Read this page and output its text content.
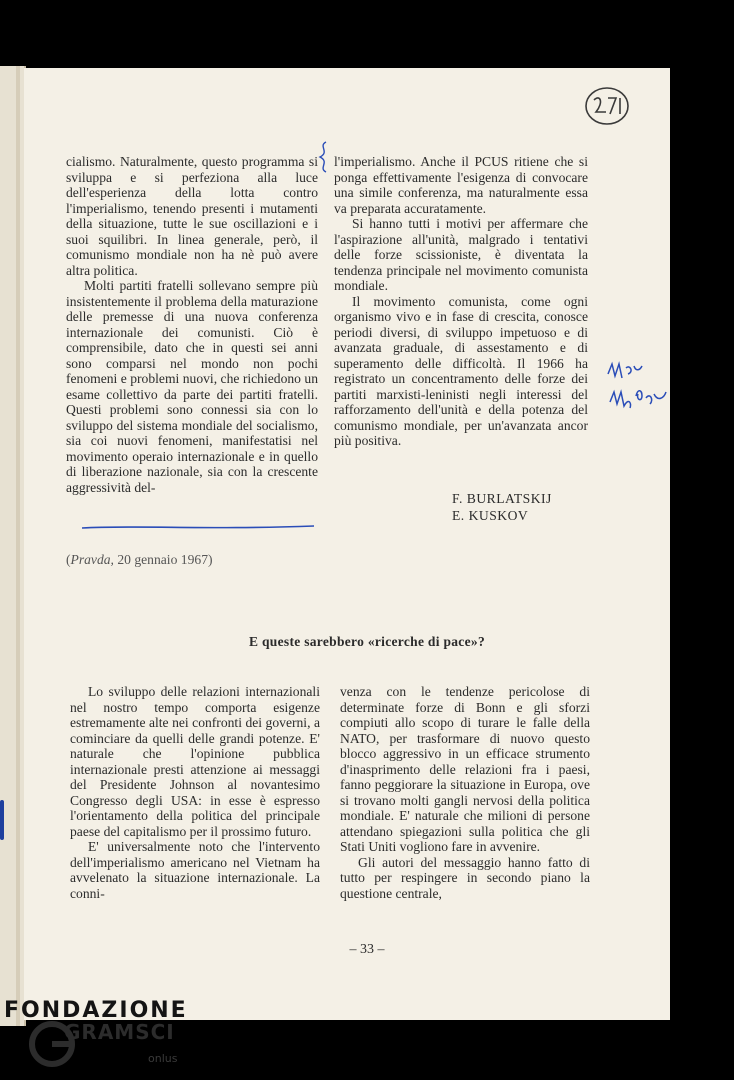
cialismo. Naturalmente, questo programma si sviluppa e si perfeziona alla luce dell'esperienza della lotta contro l'imperialismo, tenendo presenti i mutamenti della situazione, tutte le sue oscillazioni e i suoi squilibri. In linea generale, però, il comunismo mondiale non ha nè può avere altra politica.

Molti partiti fratelli sollevano sempre più insistentemente il problema della maturazione delle premesse di una nuova conferenza internazionale dei comunisti. Ciò è comprensibile, dato che in questi sei anni sono comparsi nel mondo non pochi fenomeni e problemi nuovi, che richiedono un esame collettivo da parte dei partiti fratelli. Questi problemi sono connessi sia con lo sviluppo del sistema mondiale del socialismo, sia coi nuovi fenomeni, manifestatisi nel movimento operaio internazionale e in quello di liberazione nazionale, sia con la crescente aggressività del-

l'imperialismo. Anche il PCUS ritiene che si ponga effettivamente l'esigenza di convocare una simile conferenza, ma naturalmente essa va preparata accuratamente.

Si hanno tutti i motivi per affermare che l'aspirazione all'unità, malgrado i tentativi delle forze scissioniste, è diventata la tendenza principale nel movimento comunista mondiale.

Il movimento comunista, come ogni organismo vivo e in fase di crescita, conosce periodi diversi, di sviluppo impetuoso e di avanzata graduale, di assestamento e di superamento delle difficoltà. Il 1966 ha registrato un concentramento delle forze dei partiti marxisti-leninisti negli interessi del rafforzamento dell'unità e della potenza del comunismo mondiale, per un'avanzata ancor più positiva.

F. BURLATSKIJ
E. KUSKOV
(Pravda, 20 gennaio 1967)
E queste sarebbero «ricerche di pace»?

Lo sviluppo delle relazioni internazionali nel nostro tempo comporta esigenze estremamente alte nei confronti dei governi, a cominciare da quelli delle grandi potenze. E' naturale che l'opinione pubblica internazionale presti attenzione ai messaggi del Presidente Johnson al novantesimo Congresso degli USA: in esse è espresso l'orientamento della politica del principale paese del capitalismo per il prossimo futuro.

E' universalmente noto che l'intervento dell'imperialismo americano nel Vietnam ha avvelenato la situazione internazionale. La conni-

venza con le tendenze pericolose di determinate forze di Bonn e gli sforzi compiuti allo scopo di turare le falle della NATO, per trasformare di nuovo questo blocco aggressivo in un efficace strumento d'inasprimento delle relazioni fra i paesi, fanno peggiorare la situazione in Europa, ove si trovano molti gangli nervosi della politica mondiale. E' naturale che milioni di persone attendano spiegazioni sulla politica che gli Stati Uniti vogliono fare in avvenire.

Gli autori del messaggio hanno fatto di tutto per respingere in secondo piano la questione centrale,

– 33 –
FONDAZIONE
GRAMSCI
onlus
